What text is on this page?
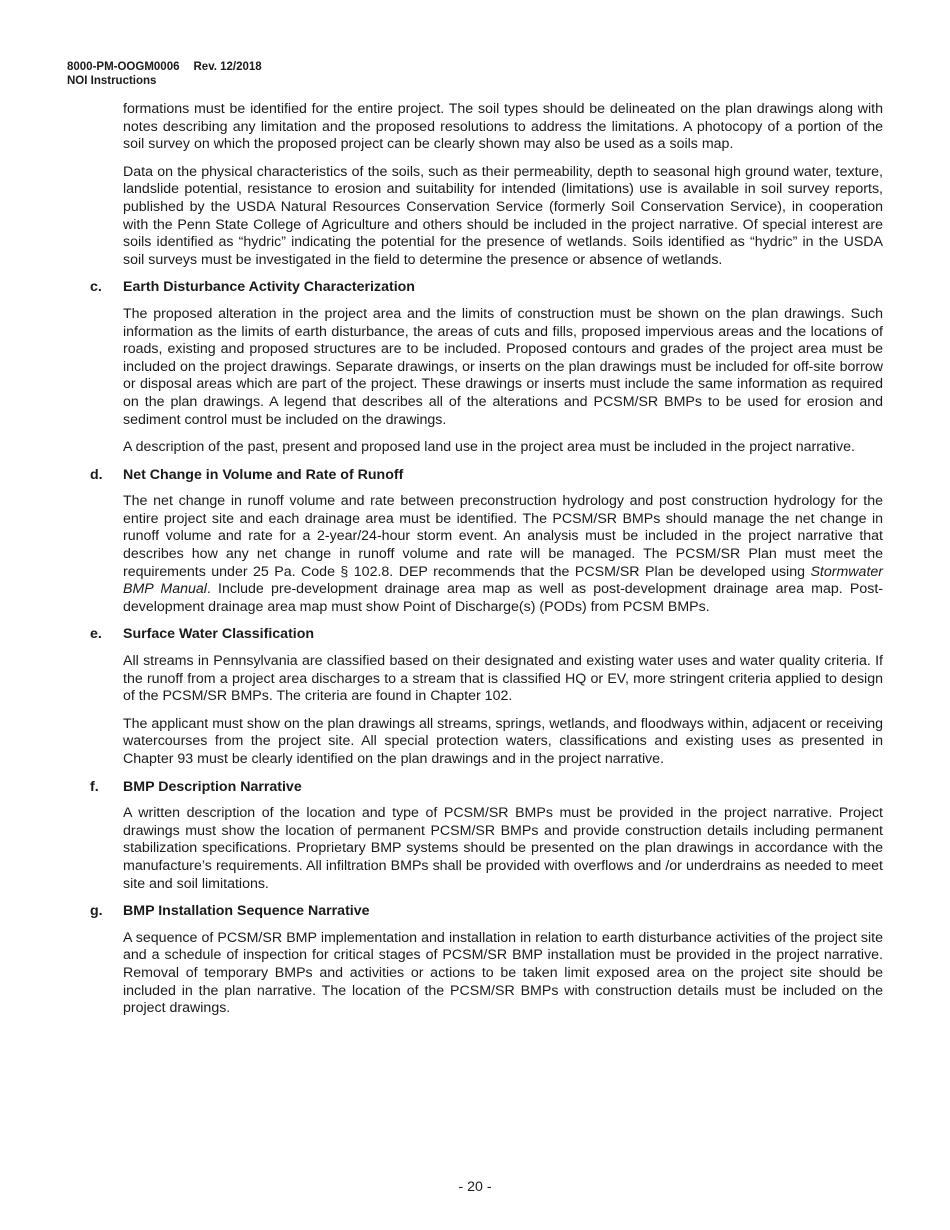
8000-PM-OOGM0006 Rev. 12/2018
NOI Instructions

formations must be identified for the entire project. The soil types should be delineated on the plan drawings along with notes describing any limitation and the proposed resolutions to address the limitations. A photocopy of a portion of the soil survey on which the proposed project can be clearly shown may also be used as a soils map.

Data on the physical characteristics of the soils, such as their permeability, depth to seasonal high ground water, texture, landslide potential, resistance to erosion and suitability for intended (limitations) use is available in soil survey reports, published by the USDA Natural Resources Conservation Service (formerly Soil Conservation Service), in cooperation with the Penn State College of Agriculture and others should be included in the project narrative. Of special interest are soils identified as “hydric” indicating the potential for the presence of wetlands. Soils identified as “hydric” in the USDA soil surveys must be investigated in the field to determine the presence or absence of wetlands.

c.	Earth Disturbance Activity Characterization

The proposed alteration in the project area and the limits of construction must be shown on the plan drawings. Such information as the limits of earth disturbance, the areas of cuts and fills, proposed impervious areas and the locations of roads, existing and proposed structures are to be included. Proposed contours and grades of the project area must be included on the project drawings. Separate drawings, or inserts on the plan drawings must be included for off-site borrow or disposal areas which are part of the project. These drawings or inserts must include the same information as required on the plan drawings. A legend that describes all of the alterations and PCSM/SR BMPs to be used for erosion and sediment control must be included on the drawings.

A description of the past, present and proposed land use in the project area must be included in the project narrative.

d.	Net Change in Volume and Rate of Runoff

The net change in runoff volume and rate between preconstruction hydrology and post construction hydrology for the entire project site and each drainage area must be identified. The PCSM/SR BMPs should manage the net change in runoff volume and rate for a 2-year/24-hour storm event. An analysis must be included in the project narrative that describes how any net change in runoff volume and rate will be managed. The PCSM/SR Plan must meet the requirements under 25 Pa. Code § 102.8. DEP recommends that the PCSM/SR Plan be developed using Stormwater BMP Manual. Include pre-development drainage area map as well as post-development drainage area map. Post-development drainage area map must show Point of Discharge(s) (PODs) from PCSM BMPs.

e.	Surface Water Classification

All streams in Pennsylvania are classified based on their designated and existing water uses and water quality criteria. If the runoff from a project area discharges to a stream that is classified HQ or EV, more stringent criteria applied to design of the PCSM/SR BMPs. The criteria are found in Chapter 102.

The applicant must show on the plan drawings all streams, springs, wetlands, and floodways within, adjacent or receiving watercourses from the project site. All special protection waters, classifications and existing uses as presented in Chapter 93 must be clearly identified on the plan drawings and in the project narrative.

f.	BMP Description Narrative

A written description of the location and type of PCSM/SR BMPs must be provided in the project narrative. Project drawings must show the location of permanent PCSM/SR BMPs and provide construction details including permanent stabilization specifications. Proprietary BMP systems should be presented on the plan drawings in accordance with the manufacture’s requirements. All infiltration BMPs shall be provided with overflows and /or underdrains as needed to meet site and soil limitations.

g.	BMP Installation Sequence Narrative

A sequence of PCSM/SR BMP implementation and installation in relation to earth disturbance activities of the project site and a schedule of inspection for critical stages of PCSM/SR BMP installation must be provided in the project narrative. Removal of temporary BMPs and activities or actions to be taken limit exposed area on the project site should be included in the plan narrative. The location of the PCSM/SR BMPs with construction details must be included on the project drawings.

- 20 -
